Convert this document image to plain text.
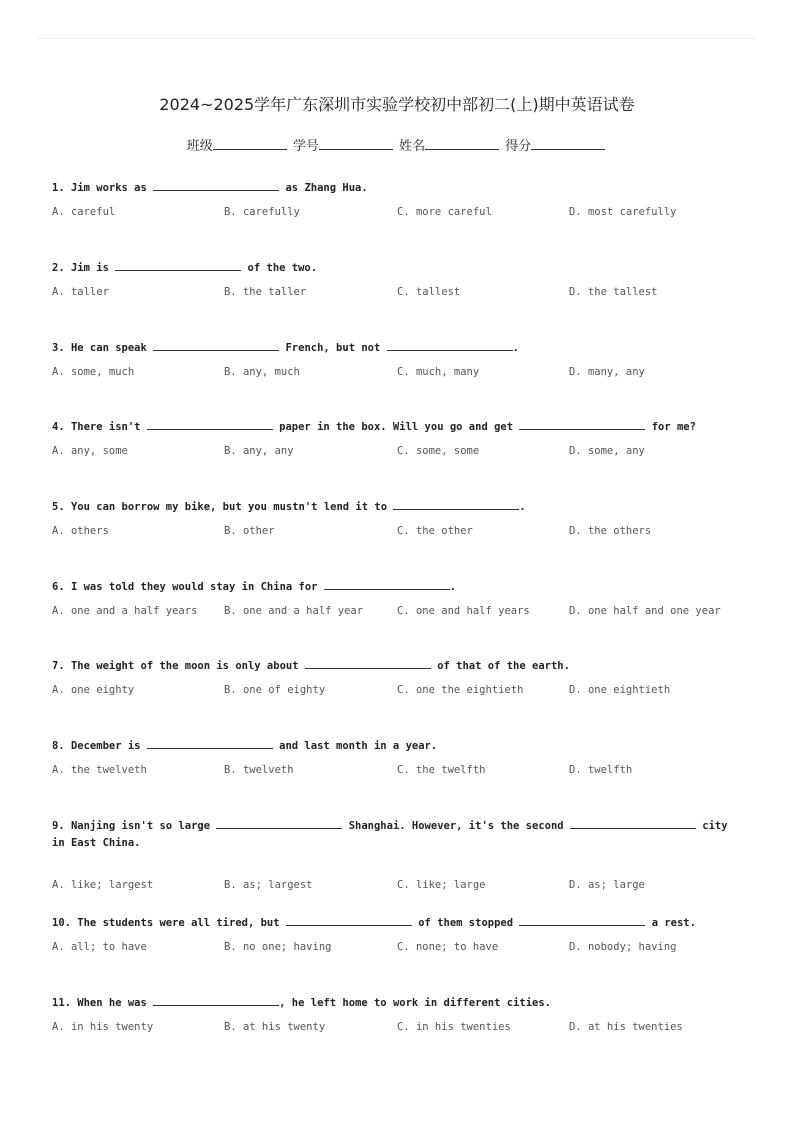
2024~2025学年广东深圳市实验学校初中部初二(上)期中英语试卷
班级	学号	姓名	得分
1. Jim works as	as Zhang Hua.
A. careful	B. carefully	C. more careful	D. most carefully
2. Jim is	of the two.
A. taller	B. the taller	C. tallest	D. the tallest
3. He can speak	French, but not	.
A. some, much	B. any, much	C. much, many	D. many, any
4. There isn't	paper in the box. Will you go and get	for me?
A. any, some	B. any, any	C. some, some	D. some, any
5. You can borrow my bike, but you mustn't lend it to	.
A. others	B. other	C. the other	D. the others
6. I was told they would stay in China for	.
A. one and a half years	B. one and a half year	C. one and half years	D. one half and one year
7. The weight of the moon is only about	of that of the earth.
A. one eighty	B. one of eighty	C. one the eightieth	D. one eightieth
8. December is	and last month in a year.
A. the twelveth	B. twelveth	C. the twelfth	D. twelfth
9. Nanjing isn't so large	Shanghai. However, it's the second	city in East China.
A. like; largest	B. as; largest	C. like; large	D. as; large
10. The students were all tired, but	of them stopped	a rest.
A. all; to have	B. no one; having	C. none; to have	D. nobody; having
11. When he was	, he left home to work in different cities.
A. in his twenty	B. at his twenty	C. in his twenties	D. at his twenties
